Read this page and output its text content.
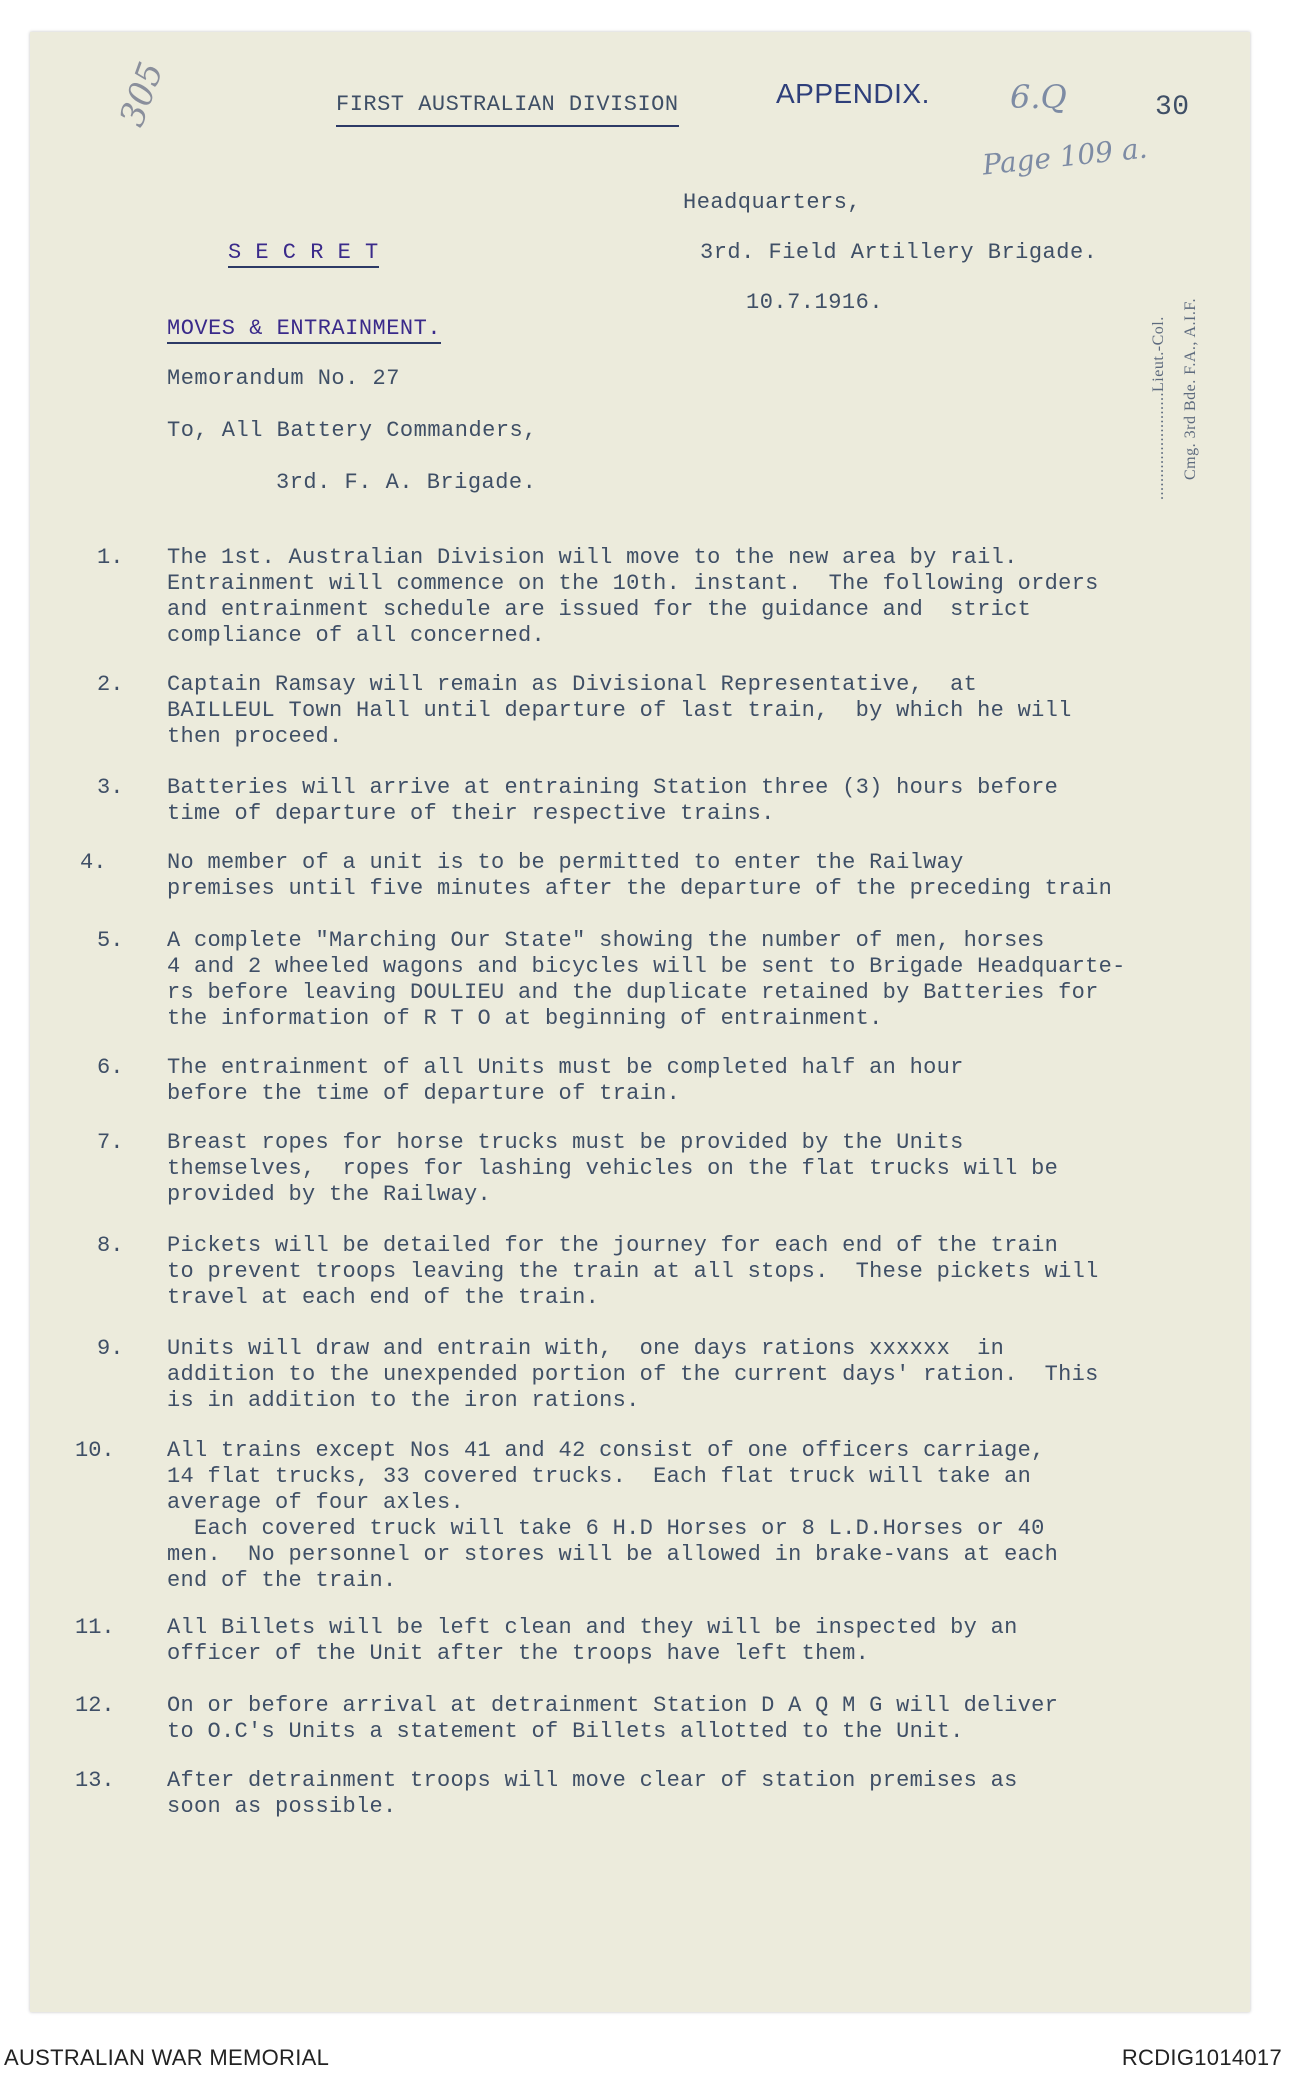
305	FIRST AUSTRALIAN DIVISION	APPENDIX.	6.Q	30
Page 109 a.
Headquarters,
3rd. Field Artillery Brigade.
10.7.1916.
S E C R E T
MOVES & ENTRAINMENT.
Memorandum No. 27
To, All Battery Commanders,
3rd. F. A. Brigade.	........................Lieut.-Col. Cmg. 3rd Bde. F.A., A.I.F.

1. The 1st. Australian Division will move to the new area by rail.
Entrainment will commence on the 10th. instant.  The following orders
and entrainment schedule are issued for the guidance and  strict
compliance of all concerned.
2. Captain Ramsay will remain as Divisional Representative,  at
BAILLEUL Town Hall until departure of last train,  by which he will
then proceed.
3. Batteries will arrive at entraining Station three (3) hours before
time of departure of their respective trains.
4.	No member of a unit is to be permitted to enter the Railway
premises until five minutes after the departure of the preceding train
5. A complete "Marching Our State" showing the number of men, horses
4 and 2 wheeled wagons and bicycles will be sent to Brigade Headquarte-
rs before leaving DOULIEU and the duplicate retained by Batteries for
the information of R T O at beginning of entrainment.
6. The entrainment of all Units must be completed half an hour
before the time of departure of train.
7. Breast ropes for horse trucks must be provided by the Units
themselves,  ropes for lashing vehicles on the flat trucks will be
provided by the Railway.
8. Pickets will be detailed for the journey for each end of the train
to prevent troops leaving the train at all stops.  These pickets will
travel at each end of the train.
9. Units will draw and entrain with,  one days rations xxxxxx  in
addition to the unexpended portion of the current days' ration.  This
is in addition to the iron rations.
10. All trains except Nos 41 and 42 consist of one officers carriage,
14 flat trucks, 33 covered trucks.  Each flat truck will take an
average of four axles.
Each covered truck will take 6 H.D Horses or 8 L.D.Horses or 40
men.  No personnel or stores will be allowed in brake-vans at each
end of the train.
11. All Billets will be left clean and they will be inspected by an
officer of the Unit after the troops have left them.
12. On or before arrival at detrainment Station D A Q M G will deliver
to O.C's Units a statement of Billets allotted to the Unit.
13. After detrainment troops will move clear of station premises as
soon as possible.
AUSTRALIAN WAR MEMORIAL	RCDIG1014017
